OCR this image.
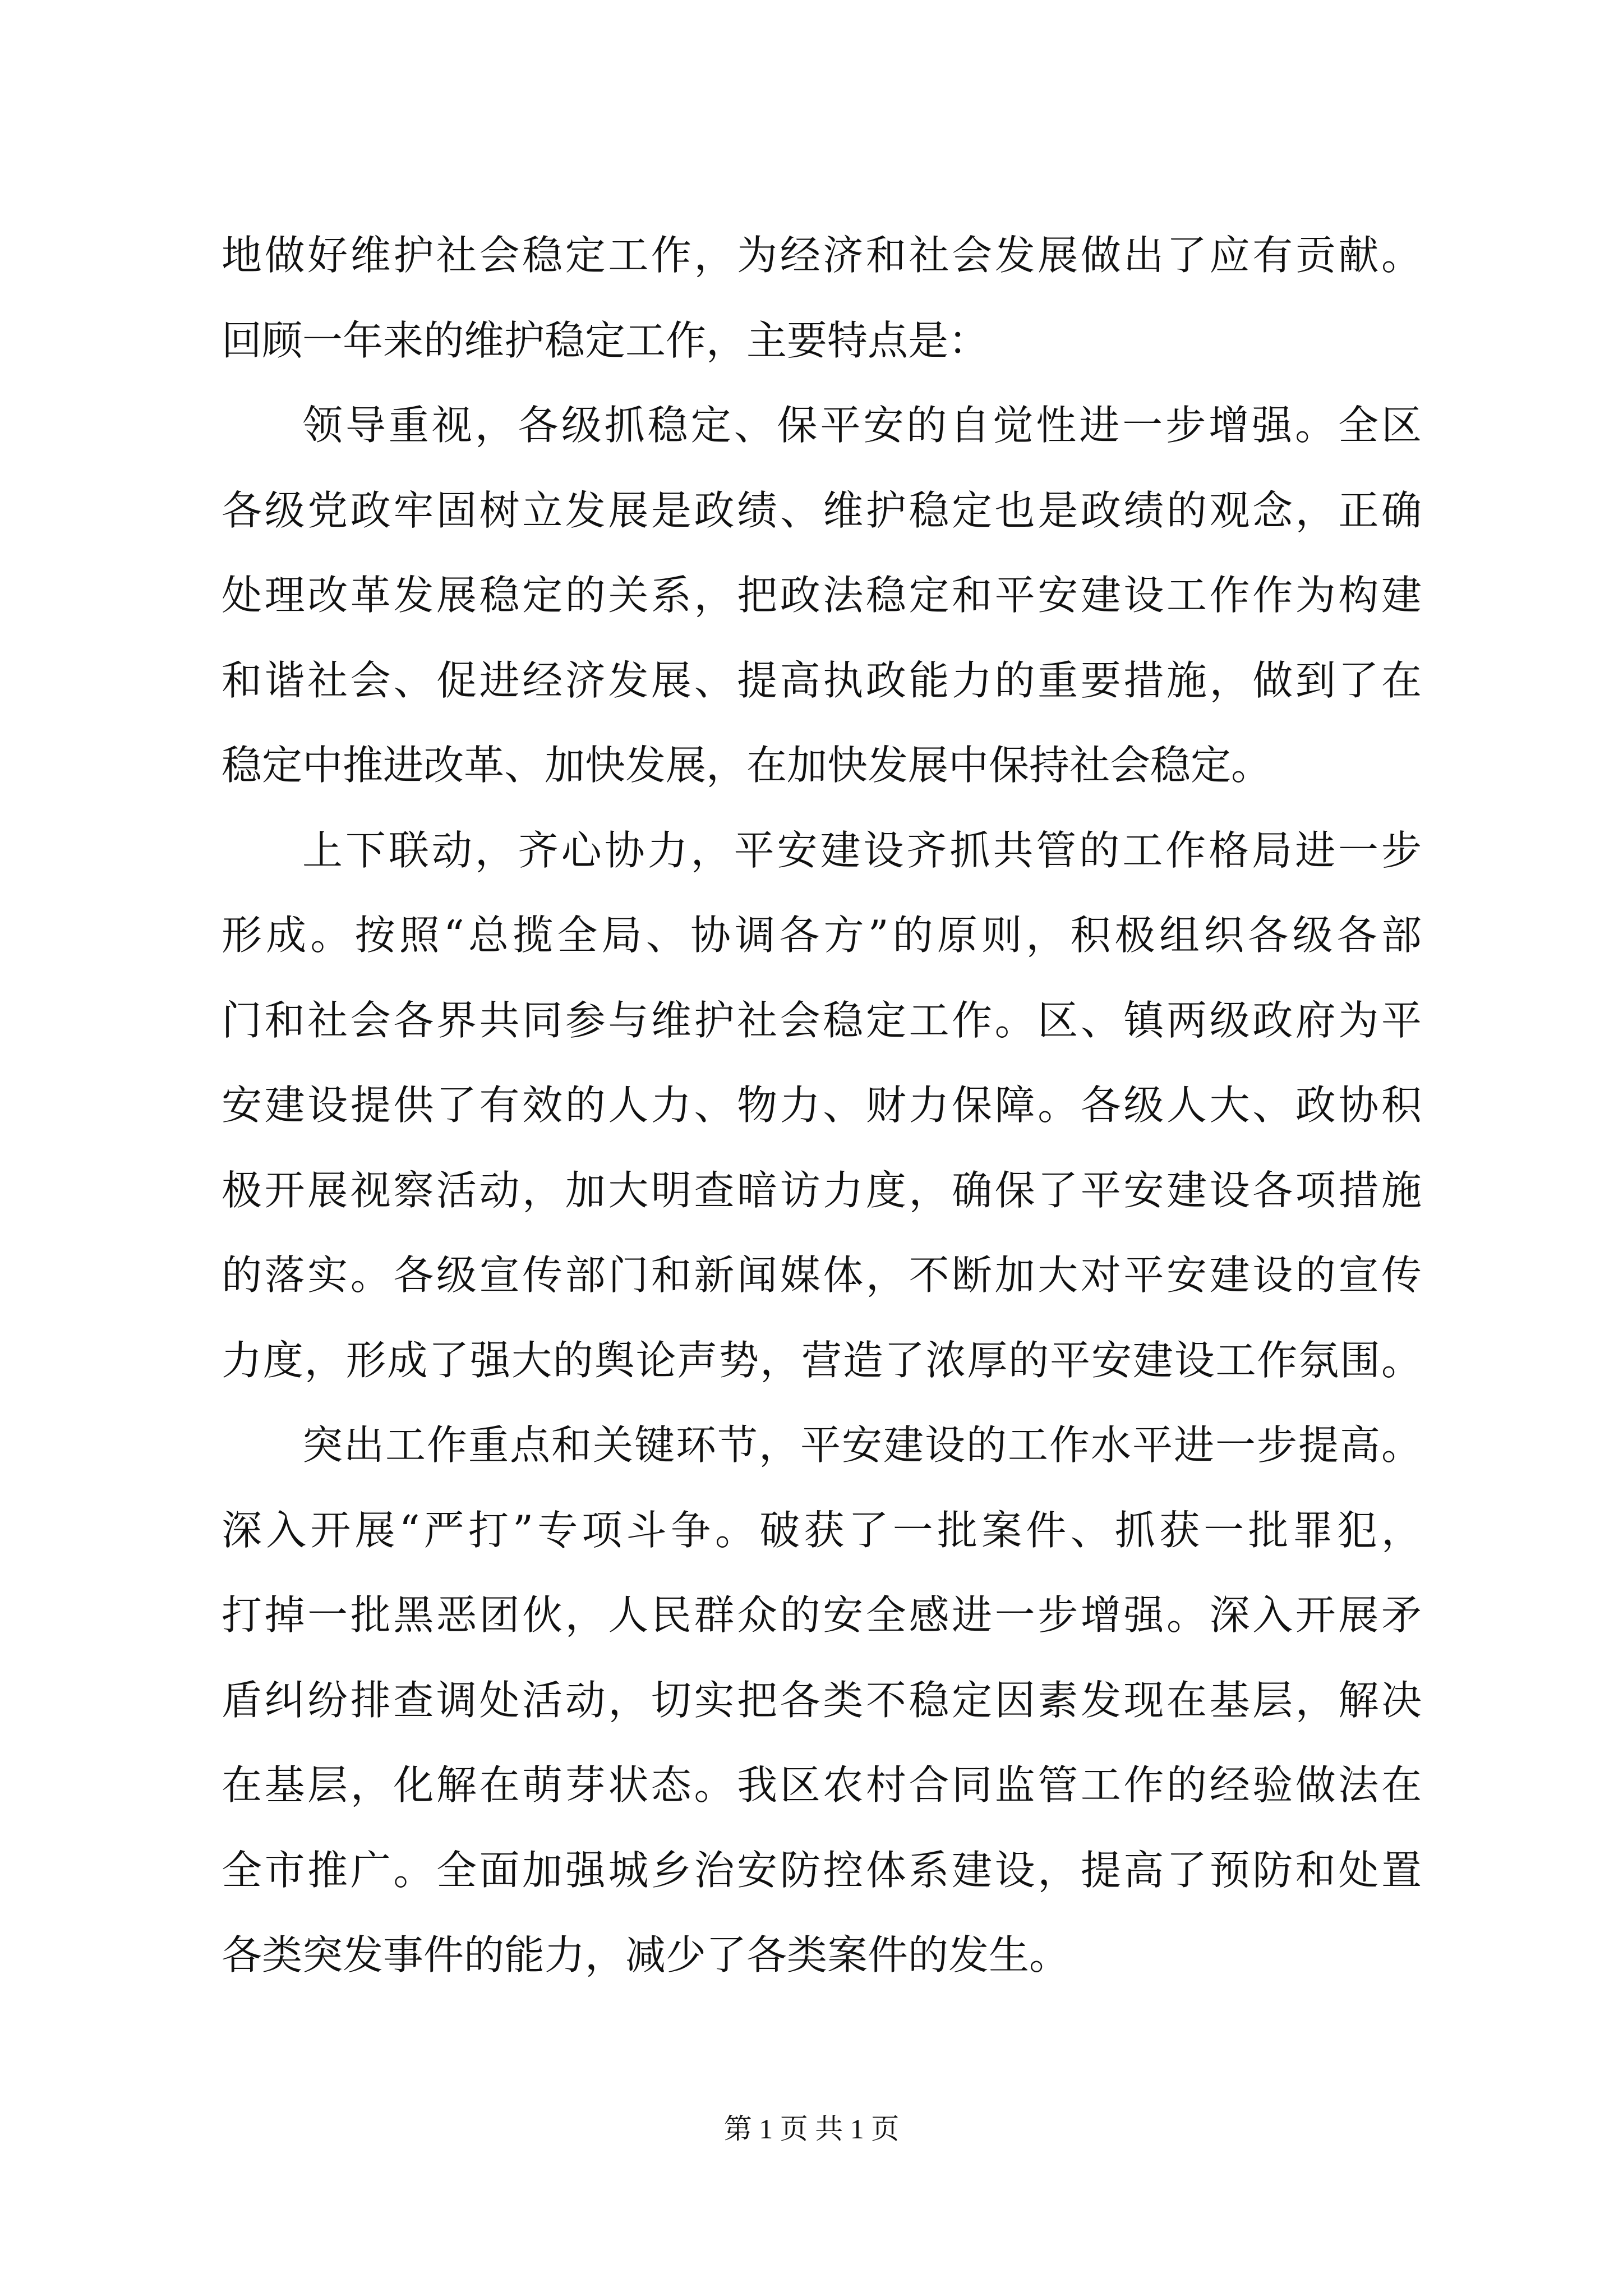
地做好维护社会稳定工作，为经济和社会发展做出了应有贡献。
回顾一年来的维护稳定工作，主要特点是：
领导重视，各级抓稳定、保平安的自觉性进一步增强。全区
各级党政牢固树立发展是政绩、维护稳定也是政绩的观念，正确
处理改革发展稳定的关系，把政法稳定和平安建设工作作为构建
和谐社会、促进经济发展、提高执政能力的重要措施，做到了在
稳定中推进改革、加快发展，在加快发展中保持社会稳定。
上下联动，齐心协力，平安建设齐抓共管的工作格局进一步
形成。按照“总揽全局、协调各方”的原则，积极组织各级各部
门和社会各界共同参与维护社会稳定工作。区、镇两级政府为平
安建设提供了有效的人力、物力、财力保障。各级人大、政协积
极开展视察活动，加大明查暗访力度，确保了平安建设各项措施
的落实。各级宣传部门和新闻媒体，不断加大对平安建设的宣传
力度，形成了强大的舆论声势，营造了浓厚的平安建设工作氛围。
突出工作重点和关键环节，平安建设的工作水平进一步提高。
深入开展“严打”专项斗争。破获了一批案件、抓获一批罪犯，
打掉一批黑恶团伙，人民群众的安全感进一步增强。深入开展矛
盾纠纷排查调处活动，切实把各类不稳定因素发现在基层，解决
在基层，化解在萌芽状态。我区农村合同监管工作的经验做法在
全市推广。全面加强城乡治安防控体系建设，提高了预防和处置
各类突发事件的能力，减少了各类案件的发生。
第 1 页 共 1 页
